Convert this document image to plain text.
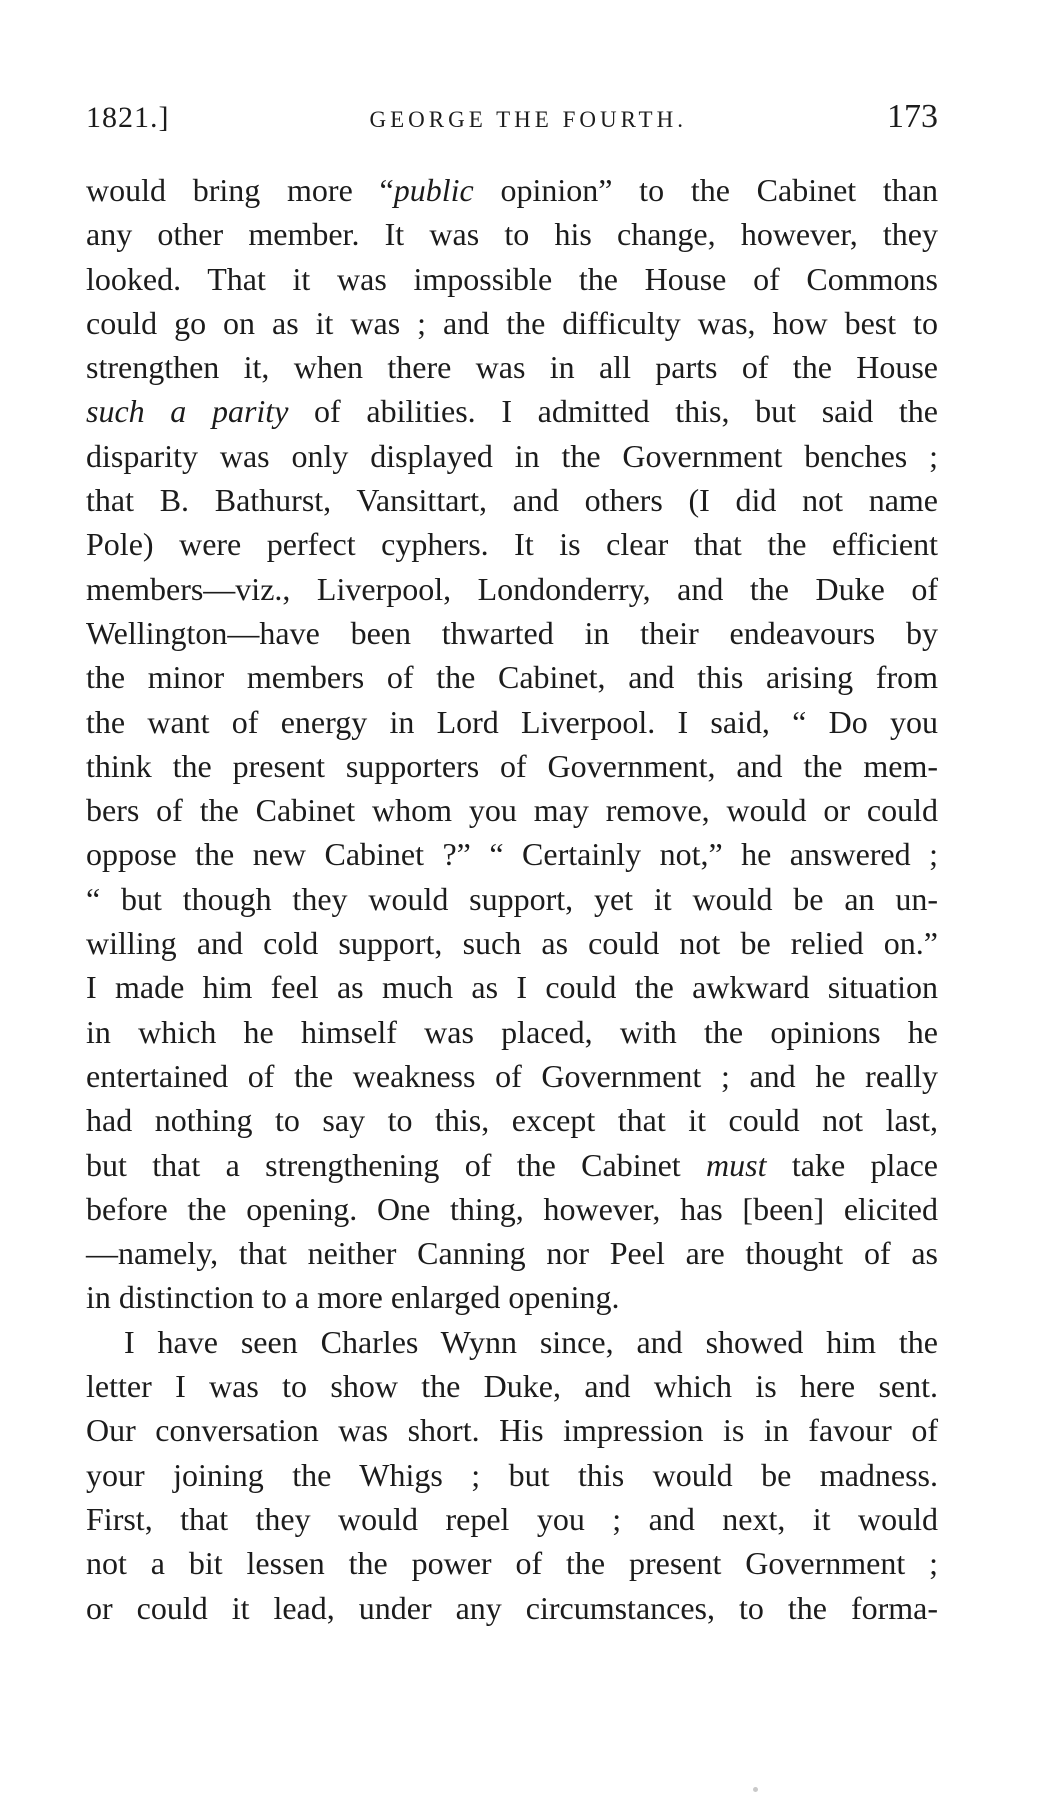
1821.]	GEORGE THE FOURTH.	173
would bring more “public opinion” to the Cabinet than
any other member. It was to his change, however, they
looked. That it was impossible the House of Commons
could go on as it was ; and the difficulty was, how best to
strengthen it, when there was in all parts of the House
such a parity of abilities. I admitted this, but said the
disparity was only displayed in the Government benches ;
that B. Bathurst, Vansittart, and others (I did not name
Pole) were perfect cyphers. It is clear that the efficient
members—viz., Liverpool, Londonderry, and the Duke of
Wellington—have been thwarted in their endeavours by
the minor members of the Cabinet, and this arising from
the want of energy in Lord Liverpool. I said, “ Do you
think the present supporters of Government, and the mem-
bers of the Cabinet whom you may remove, would or could
oppose the new Cabinet ?” “ Certainly not,” he answered ;
“ but though they would support, yet it would be an un-
willing and cold support, such as could not be relied on.”
I made him feel as much as I could the awkward situation
in which he himself was placed, with the opinions he
entertained of the weakness of Government ; and he really
had nothing to say to this, except that it could not last,
but that a strengthening of the Cabinet must take place
before the opening. One thing, however, has [been] elicited
—namely, that neither Canning nor Peel are thought of as
in distinction to a more enlarged opening.
I have seen Charles Wynn since, and showed him the
letter I was to show the Duke, and which is here sent.
Our conversation was short. His impression is in favour of
your joining the Whigs ; but this would be madness.
First, that they would repel you ; and next, it would
not a bit lessen the power of the present Government ;
or could it lead, under any circumstances, to the forma-
